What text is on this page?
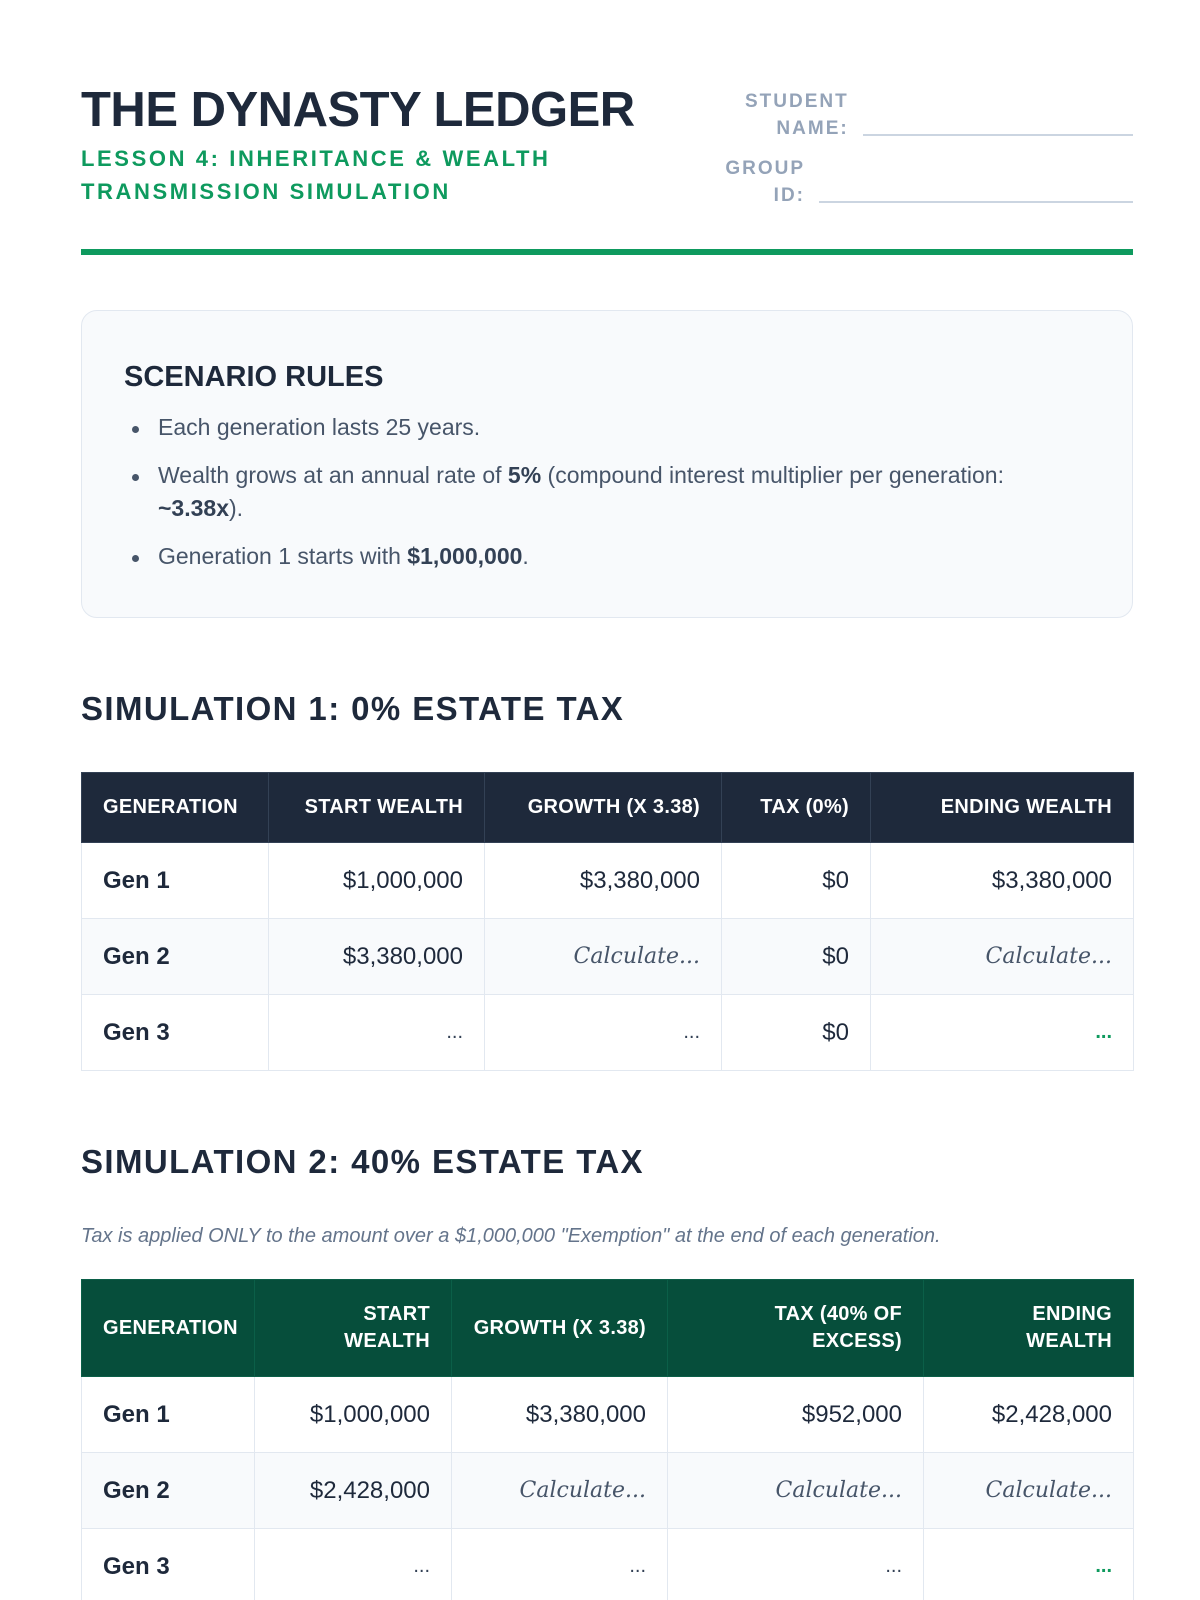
THE DYNASTY LEDGER
LESSON 4: INHERITANCE & WEALTH TRANSMISSION SIMULATION
STUDENT NAME:
GROUP ID:
SCENARIO RULES
Each generation lasts 25 years.
Wealth grows at an annual rate of 5% (compound interest multiplier per generation: ~3.38x).
Generation 1 starts with $1,000,000.
SIMULATION 1: 0% ESTATE TAX
GENERATION	START WEALTH	GROWTH (X 3.38)	TAX (0%)	ENDING WEALTH
Gen 1	$1,000,000	$3,380,000	$0	$3,380,000
Gen 2	$3,380,000	Calculate...	$0	Calculate...
Gen 3	...	...	$0	...
SIMULATION 2: 40% ESTATE TAX
Tax is applied ONLY to the amount over a $1,000,000 "Exemption" at the end of each generation.
GENERATION	START WEALTH	GROWTH (X 3.38)	TAX (40% OF EXCESS)	ENDING WEALTH
Gen 1	$1,000,000	$3,380,000	$952,000	$2,428,000
Gen 2	$2,428,000	Calculate...	Calculate...	Calculate...
Gen 3	...	...	...	...
